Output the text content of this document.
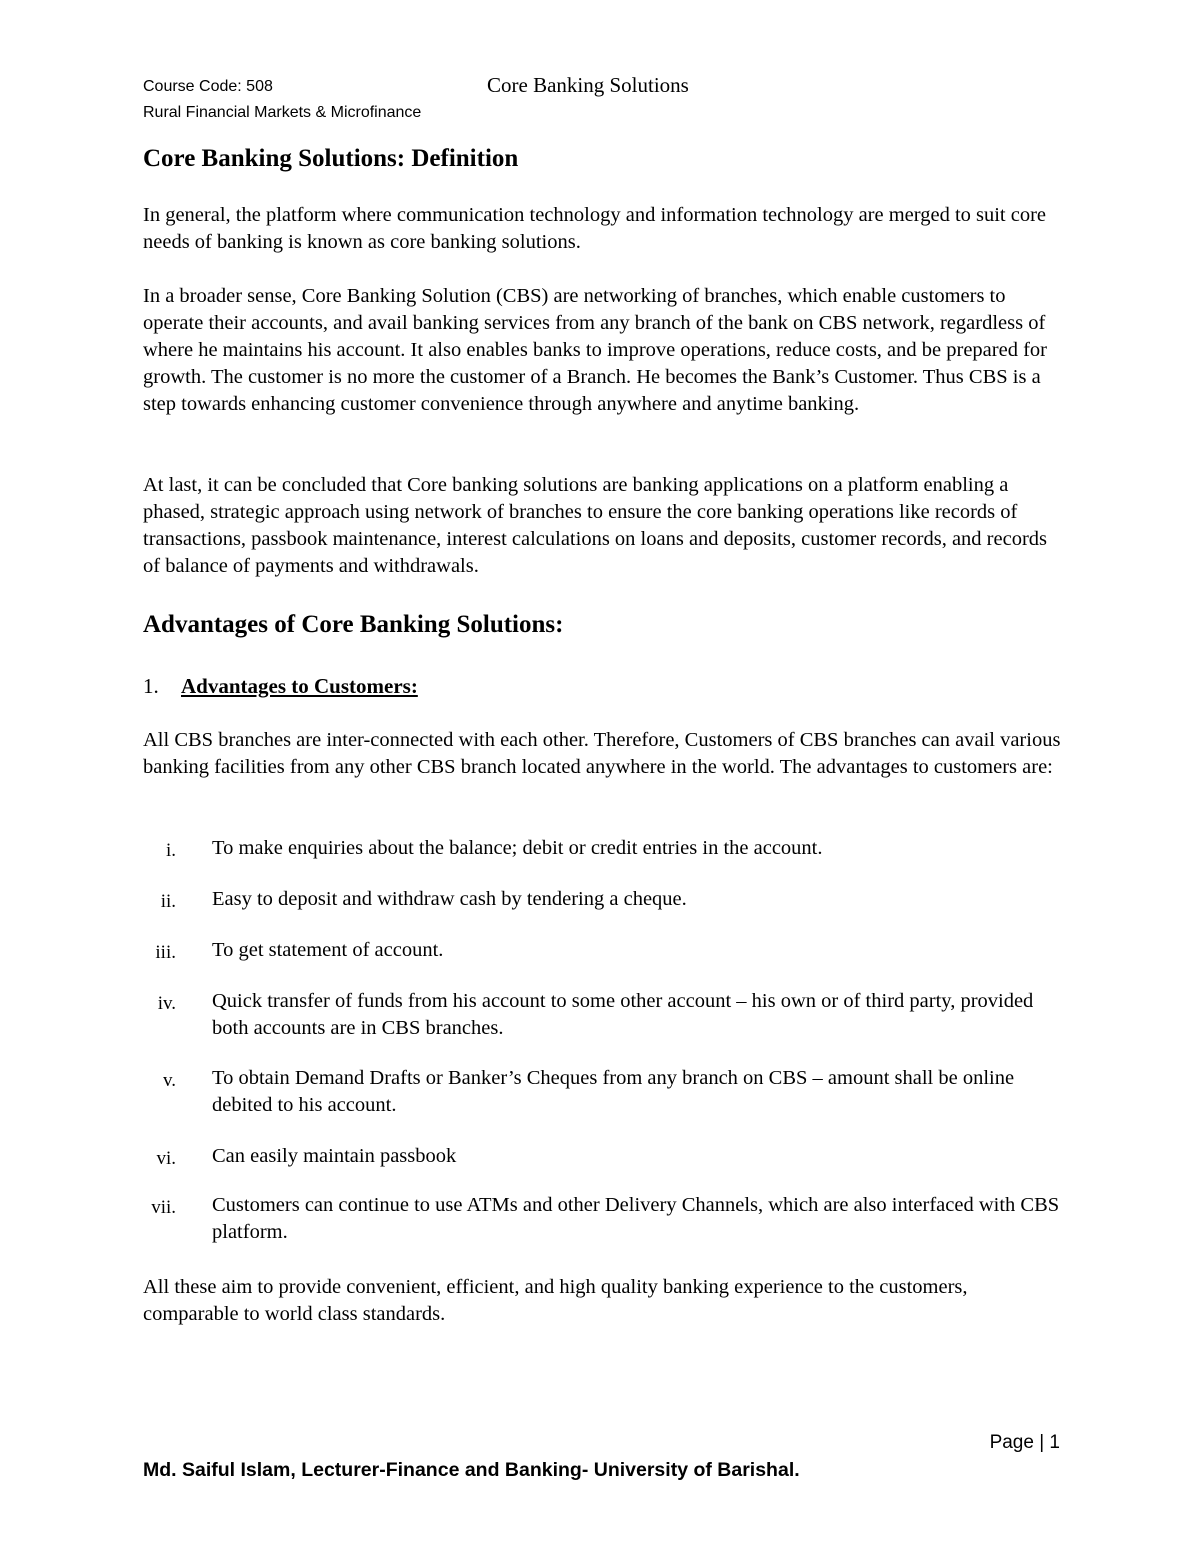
Course Code: 508
Rural Financial Markets & Microfinance
Core Banking Solutions
Core Banking Solutions: Definition

In general, the platform where communication technology and information technology are merged to suit core needs of banking is known as core banking solutions.

In a broader sense, Core Banking Solution (CBS) are networking of branches, which enable customers to operate their accounts, and avail banking services from any branch of the bank on CBS network, regardless of where he maintains his account. It also enables banks to improve operations, reduce costs, and be prepared for growth. The customer is no more the customer of a Branch. He becomes the Bank’s Customer. Thus CBS is a step towards enhancing customer convenience through anywhere and anytime banking.

At last, it can be concluded that Core banking solutions are banking applications on a platform enabling a phased, strategic approach using network of branches to ensure the core banking operations like records of transactions, passbook maintenance, interest calculations on loans and deposits, customer records, and records of balance of payments and withdrawals.

Advantages of Core Banking Solutions:
1. Advantages to Customers:

All CBS branches are inter-connected with each other. Therefore, Customers of CBS branches can avail various banking facilities from any other CBS branch located anywhere in the world. The advantages to customers are:

i. To make enquiries about the balance; debit or credit entries in the account.
ii. Easy to deposit and withdraw cash by tendering a cheque.
iii. To get statement of account.
iv. Quick transfer of funds from his account to some other account – his own or of third party, provided both accounts are in CBS branches.
v. To obtain Demand Drafts or Banker’s Cheques from any branch on CBS – amount shall be online debited to his account.
vi. Can easily maintain passbook
vii. Customers can continue to use ATMs and other Delivery Channels, which are also interfaced with CBS platform.

All these aim to provide convenient, efficient, and high quality banking experience to the customers, comparable to world class standards.

Page | 1
Md. Saiful Islam, Lecturer-Finance and Banking- University of Barishal.
